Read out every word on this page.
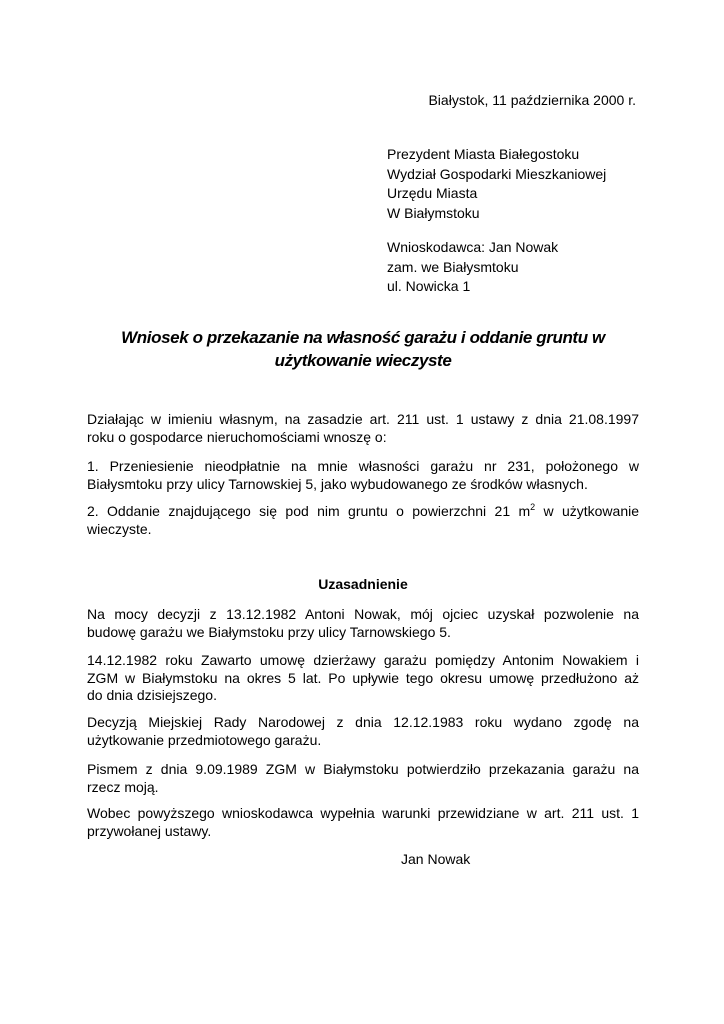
Białystok, 11 października 2000 r.
Prezydent Miasta Białegostoku
Wydział Gospodarki Mieszkaniowej
Urzędu Miasta
W Białymstoku
Wnioskodawca: Jan Nowak
zam. we Białysmtoku
ul. Nowicka 1
Wniosek o przekazanie na własność garażu i oddanie gruntu w
użytkowanie wieczyste
Działając w imieniu własnym, na zasadzie art. 211 ust. 1 ustawy z dnia 21.08.1997
roku o gospodarce nieruchomościami wnoszę o:
1. Przeniesienie nieodpłatnie na mnie własności garażu nr 231, położonego w
Białysmtoku przy ulicy Tarnowskiej 5, jako wybudowanego ze środków własnych.
2. Oddanie znajdującego się pod nim gruntu o powierzchni 21 $m^2$ w użytkowanie
wieczyste.
Uzasadnienie
Na mocy decyzji z 13.12.1982 Antoni Nowak, mój ojciec uzyskał pozwolenie na
budowę garażu we Białymstoku przy ulicy Tarnowskiego 5.
14.12.1982 roku Zawarto umowę dzierżawy garażu pomiędzy Antonim Nowakiem i
ZGM w Białymstoku na okres 5 lat. Po upływie tego okresu umowę przedłużono aż
do dnia dzisiejszego.
Decyzją Miejskiej Rady Narodowej z dnia 12.12.1983 roku wydano zgodę na
użytkowanie przedmiotowego garażu.
Pismem z dnia 9.09.1989 ZGM w Białymstoku potwierdziło przekazania garażu na
rzecz moją.
Wobec powyższego wnioskodawca wypełnia warunki przewidziane w art. 211 ust. 1
przywołanej ustawy.
Jan Nowak
